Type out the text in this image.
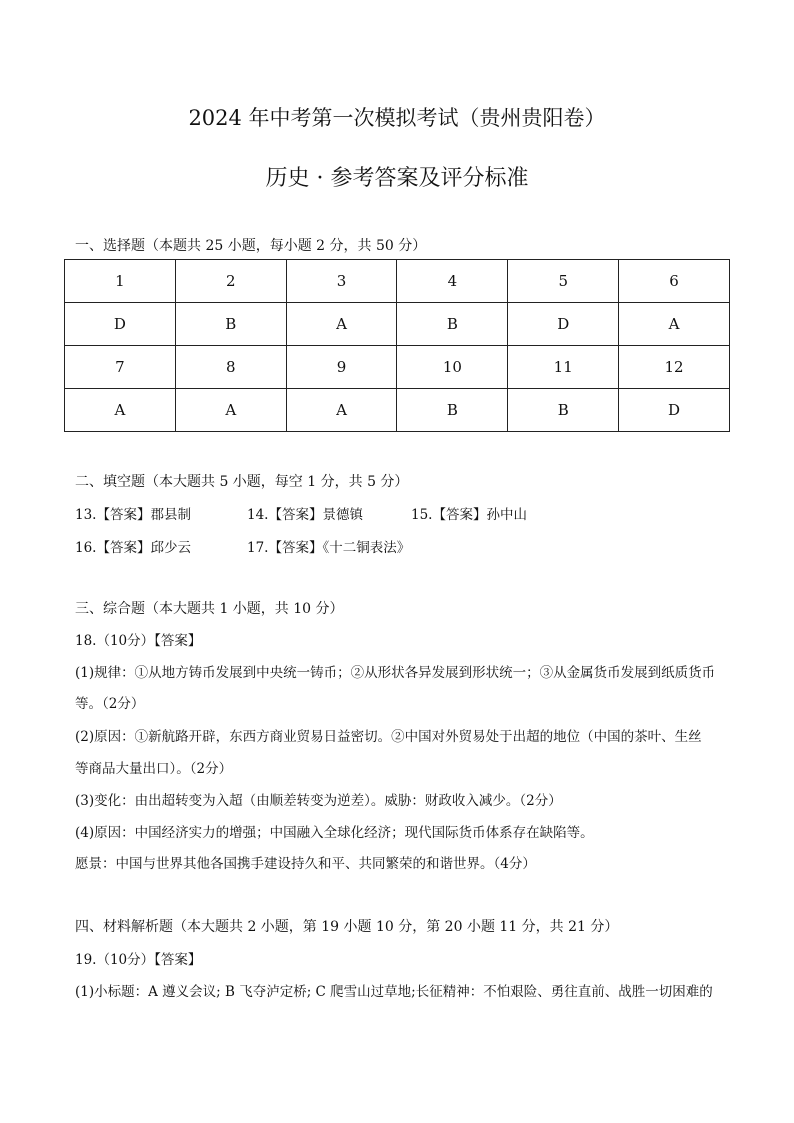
2024 年中考第一次模拟考试（贵州贵阳卷）
历史 · 参考答案及评分标准
一、选择题（本题共 25 小题，每小题 2 分，共 50 分）
1	2	3	4	5	6
D	B	A	B	D	A
7	8	9	10	11	12
A	A	A	B	B	D
二、填空题（本大题共 5 小题，每空 1 分，共 5 分）
13.【答案】郡县制	14.【答案】景德镇	15.【答案】孙中山
16.【答案】邱少云	17.【答案】《十二铜表法》
三、综合题（本大题共 1 小题，共 10 分）
18.（10分）【答案】
(1)规律：①从地方铸币发展到中央统一铸币；②从形状各异发展到形状统一；③从金属货币发展到纸质货币
等。（2分）
(2)原因：①新航路开辟，东西方商业贸易日益密切。②中国对外贸易处于出超的地位（中国的茶叶、生丝
等商品大量出口）。（2分）
(3)变化：由出超转变为入超（由顺差转变为逆差）。威胁：财政收入减少。（2分）
(4)原因：中国经济实力的增强；中国融入全球化经济；现代国际货币体系存在缺陷等。
愿景：中国与世界其他各国携手建设持久和平、共同繁荣的和谐世界。（4分）
四、材料解析题（本大题共 2 小题，第 19 小题 10 分，第 20 小题 11 分，共 21 分）
19.（10分）【答案】
(1)小标题：A 遵义会议; B 飞夺泸定桥; C 爬雪山过草地;长征精神：不怕艰险、勇往直前、战胜一切困难的
